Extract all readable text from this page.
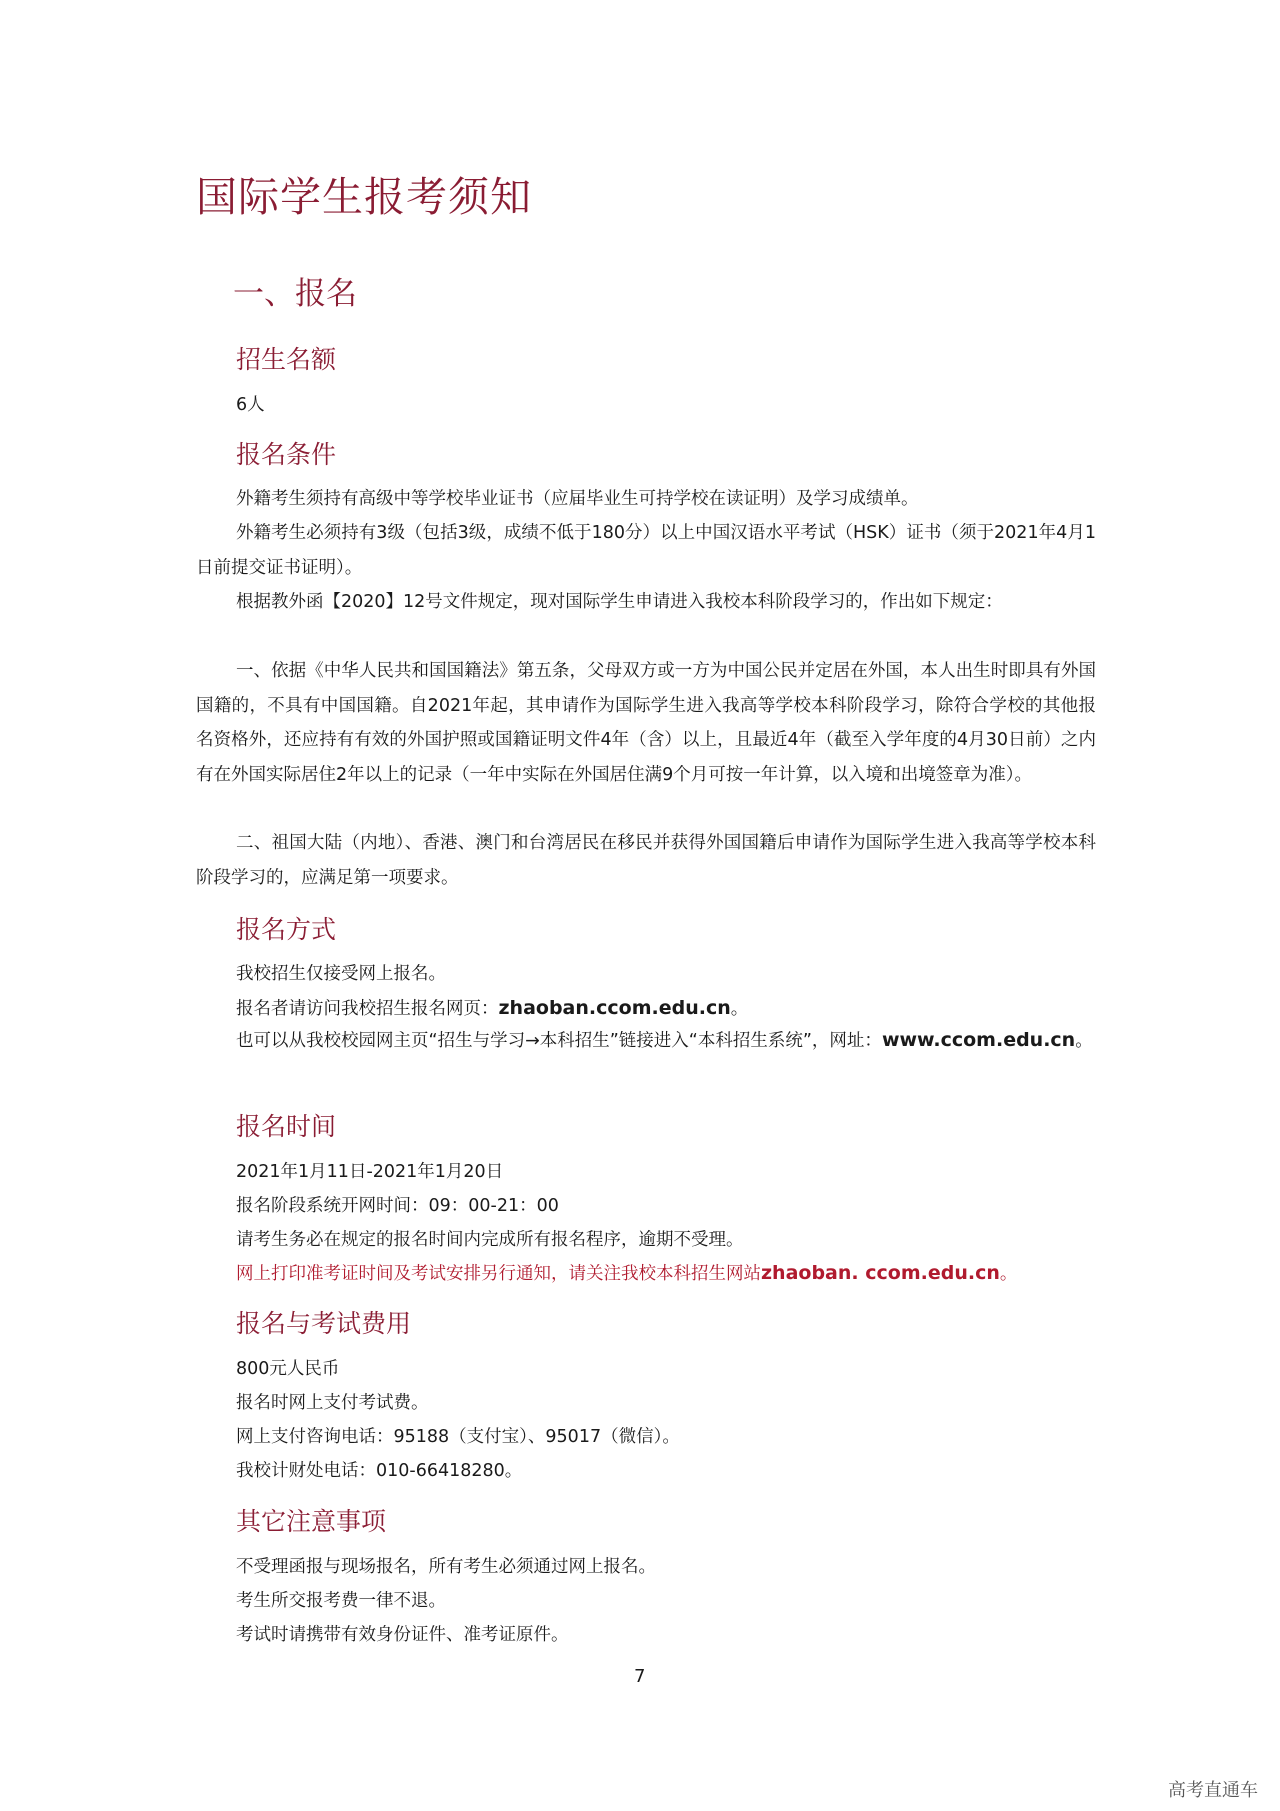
国际学生报考须知
一、报名
招生名额
6人
报名条件
外籍考生须持有高级中等学校毕业证书（应届毕业生可持学校在读证明）及学习成绩单。
外籍考生必须持有3级（包括3级，成绩不低于180分）以上中国汉语水平考试（HSK）证书（须于2021年4月1日前提交证书证明）。
根据教外函【2020】12号文件规定，现对国际学生申请进入我校本科阶段学习的，作出如下规定：
一、依据《中华人民共和国国籍法》第五条，父母双方或一方为中国公民并定居在外国，本人出生时即具有外国国籍的，不具有中国国籍。自2021年起，其申请作为国际学生进入我高等学校本科阶段学习，除符合学校的其他报名资格外，还应持有有效的外国护照或国籍证明文件4年（含）以上，且最近4年（截至入学年度的4月30日前）之内有在外国实际居住2年以上的记录（一年中实际在外国居住满9个月可按一年计算，以入境和出境签章为准）。
二、祖国大陆（内地）、香港、澳门和台湾居民在移民并获得外国国籍后申请作为国际学生进入我高等学校本科阶段学习的，应满足第一项要求。
报名方式
我校招生仅接受网上报名。
报名者请访问我校招生报名网页：zhaoban.ccom.edu.cn。
也可以从我校校园网主页“招生与学习→本科招生”链接进入“本科招生系统”，网址：www.ccom.edu.cn。
报名时间
2021年1月11日-2021年1月20日
报名阶段系统开网时间：09：00-21：00
请考生务必在规定的报名时间内完成所有报名程序，逾期不受理。
网上打印准考证时间及考试安排另行通知，请关注我校本科招生网站zhaoban. ccom.edu.cn。
报名与考试费用
800元人民币
报名时网上支付考试费。
网上支付咨询电话：95188（支付宝）、95017（微信）。
我校计财处电话：010-66418280。
其它注意事项
不受理函报与现场报名，所有考生必须通过网上报名。
考生所交报考费一律不退。
考试时请携带有效身份证件、准考证原件。
7
高考直通车
